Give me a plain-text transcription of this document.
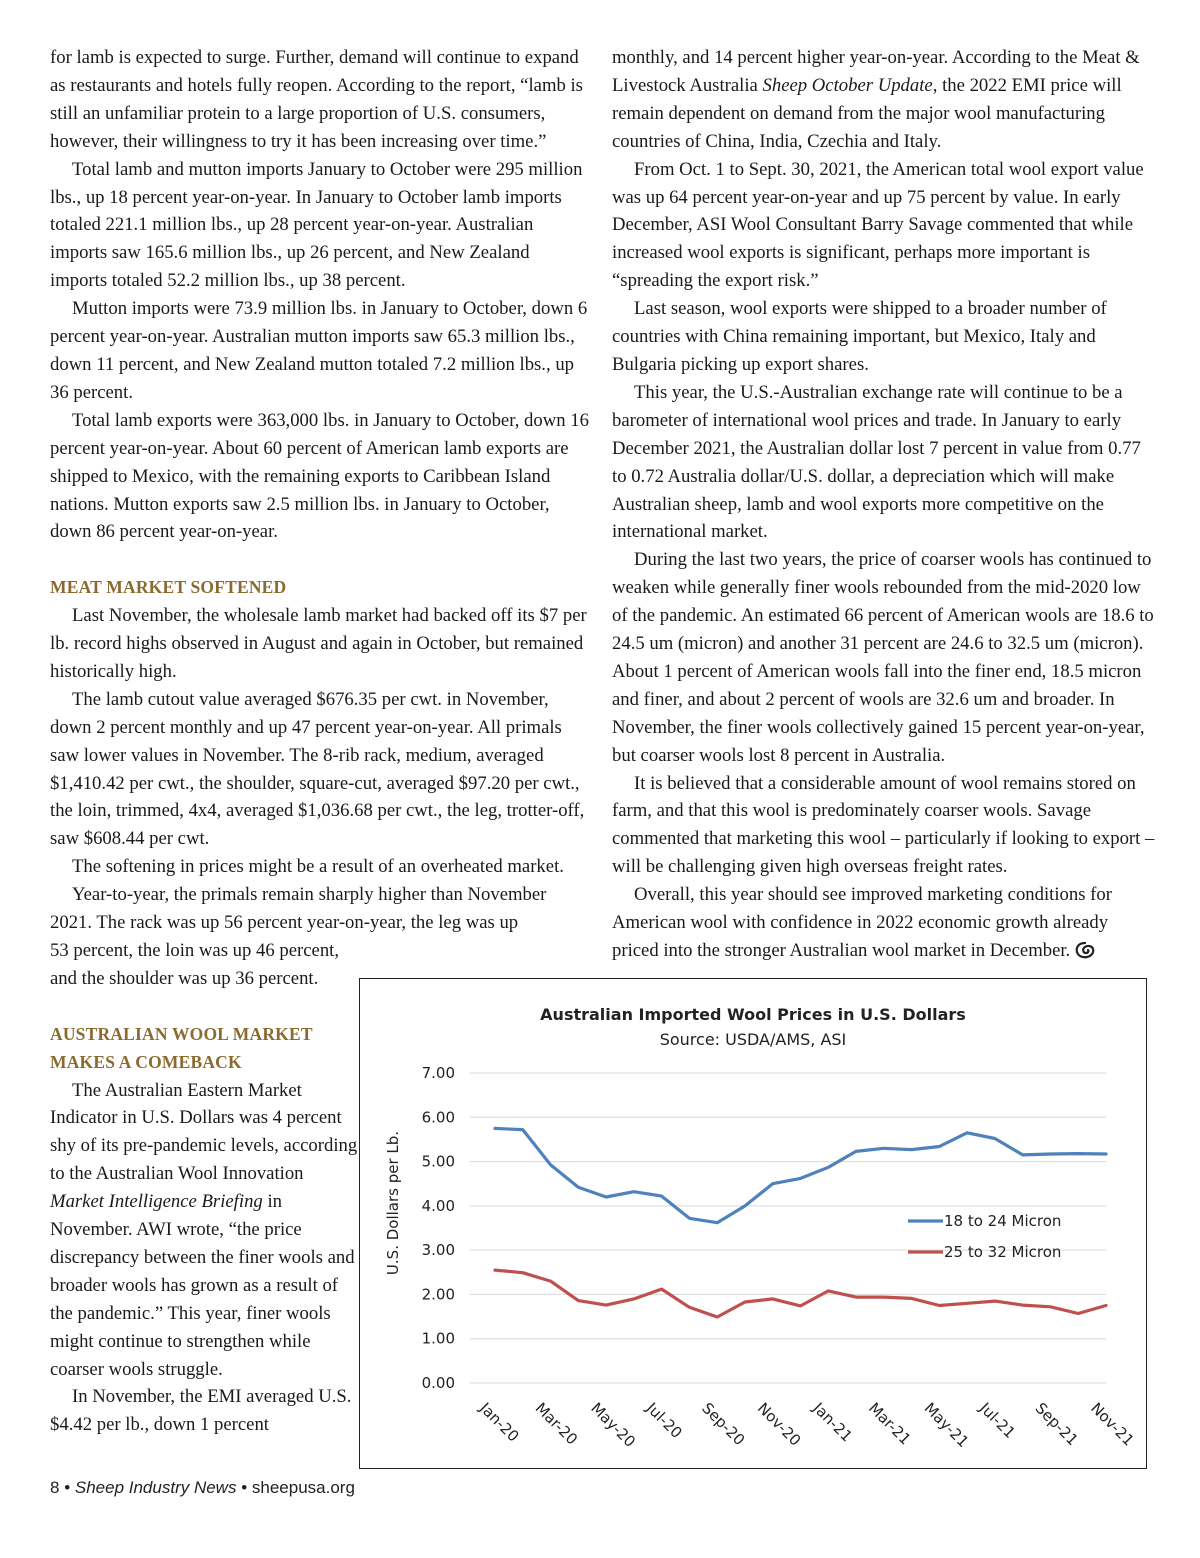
for lamb is expected to surge. Further, demand will continue to expand as restaurants and hotels fully reopen. According to the report, “lamb is still an unfamiliar protein to a large proportion of U.S. consumers, however, their willingness to try it has been increasing over time.”

Total lamb and mutton imports January to October were 295 million lbs., up 18 percent year-on-year. In January to October lamb imports totaled 221.1 million lbs., up 28 percent year-on-year. Australian imports saw 165.6 million lbs., up 26 percent, and New Zealand imports totaled 52.2 million lbs., up 38 percent.

Mutton imports were 73.9 million lbs. in January to October, down 6 percent year-on-year. Australian mutton imports saw 65.3 million lbs., down 11 percent, and New Zealand mutton totaled 7.2 million lbs., up 36 percent.

Total lamb exports were 363,000 lbs. in January to October, down 16 percent year-on-year. About 60 percent of American lamb exports are shipped to Mexico, with the remaining exports to Caribbean Island nations. Mutton exports saw 2.5 million lbs. in January to October, down 86 percent year-on-year.

MEAT MARKET SOFTENED

Last November, the wholesale lamb market had backed off its $7 per lb. record highs observed in August and again in October, but remained historically high.

The lamb cutout value averaged $676.35 per cwt. in November, down 2 percent monthly and up 47 percent year-on-year. All primals saw lower values in November. The 8-rib rack, medium, averaged $1,410.42 per cwt., the shoulder, square-cut, averaged $97.20 per cwt., the loin, trimmed, 4x4, averaged $1,036.68 per cwt., the leg, trotter-off, saw $608.44 per cwt.

The softening in prices might be a result of an overheated market.

Year-to-year, the primals remain sharply higher than November 2021. The rack was up 56 percent year-on-year, the leg was up

53 percent, the loin was up 46 percent, and the shoulder was up 36 percent.

AUSTRALIAN WOOL MARKET
MAKES A COMEBACK

The Australian Eastern Market Indicator in U.S. Dollars was 4 percent shy of its pre-pandemic levels, according to the Australian Wool Innovation Market Intelligence Briefing in November. AWI wrote, “the price discrepancy between the finer wools and broader wools has grown as a result of the pandemic.” This year, finer wools might continue to strengthen while coarser wools struggle.

In November, the EMI averaged U.S. $4.42 per lb., down 1 percent

monthly, and 14 percent higher year-on-year. According to the Meat & Livestock Australia Sheep October Update, the 2022 EMI price will remain dependent on demand from the major wool manufacturing countries of China, India, Czechia and Italy.

From Oct. 1 to Sept. 30, 2021, the American total wool export value was up 64 percent year-on-year and up 75 percent by value. In early December, ASI Wool Consultant Barry Savage commented that while increased wool exports is significant, perhaps more important is “spreading the export risk.”

Last season, wool exports were shipped to a broader number of countries with China remaining important, but Mexico, Italy and Bulgaria picking up export shares.

This year, the U.S.-Australian exchange rate will continue to be a barometer of international wool prices and trade. In January to early December 2021, the Australian dollar lost 7 percent in value from 0.77 to 0.72 Australia dollar/U.S. dollar, a depreciation which will make Australian sheep, lamb and wool exports more competitive on the international market.

During the last two years, the price of coarser wools has continued to weaken while generally finer wools rebounded from the mid-2020 low of the pandemic. An estimated 66 percent of American wools are 18.6 to 24.5 um (micron) and another 31 percent are 24.6 to 32.5 um (micron). About 1 percent of American wools fall into the finer end, 18.5 micron and finer, and about 2 percent of wools are 32.6 um and broader. In November, the finer wools collectively gained 15 percent year-on-year, but coarser wools lost 8 percent in Australia.

It is believed that a considerable amount of wool remains stored on farm, and that this wool is predominately coarser wools. Savage commented that marketing this wool – particularly if looking to export – will be challenging given high overseas freight rates.

Overall, this year should see improved marketing conditions for American wool with confidence in 2022 economic growth already priced into the stronger Australian wool market in December.

Australian Imported Wool Prices in U.S. Dollars
Source: USDA/AMS, ASI
0.00
1.00
2.00
3.00
4.00
5.00
6.00
7.00
Jan-20 Mar-20 May-20 Jul-20 Sep-20 Nov-20 Jan-21 Mar-21 May-21 Jul-21 Sep-21 Nov-21
18 to 24 Micron
25 to 32 Micron
U.S. Dollars per Lb.
8 • Sheep Industry News • sheepusa.org
